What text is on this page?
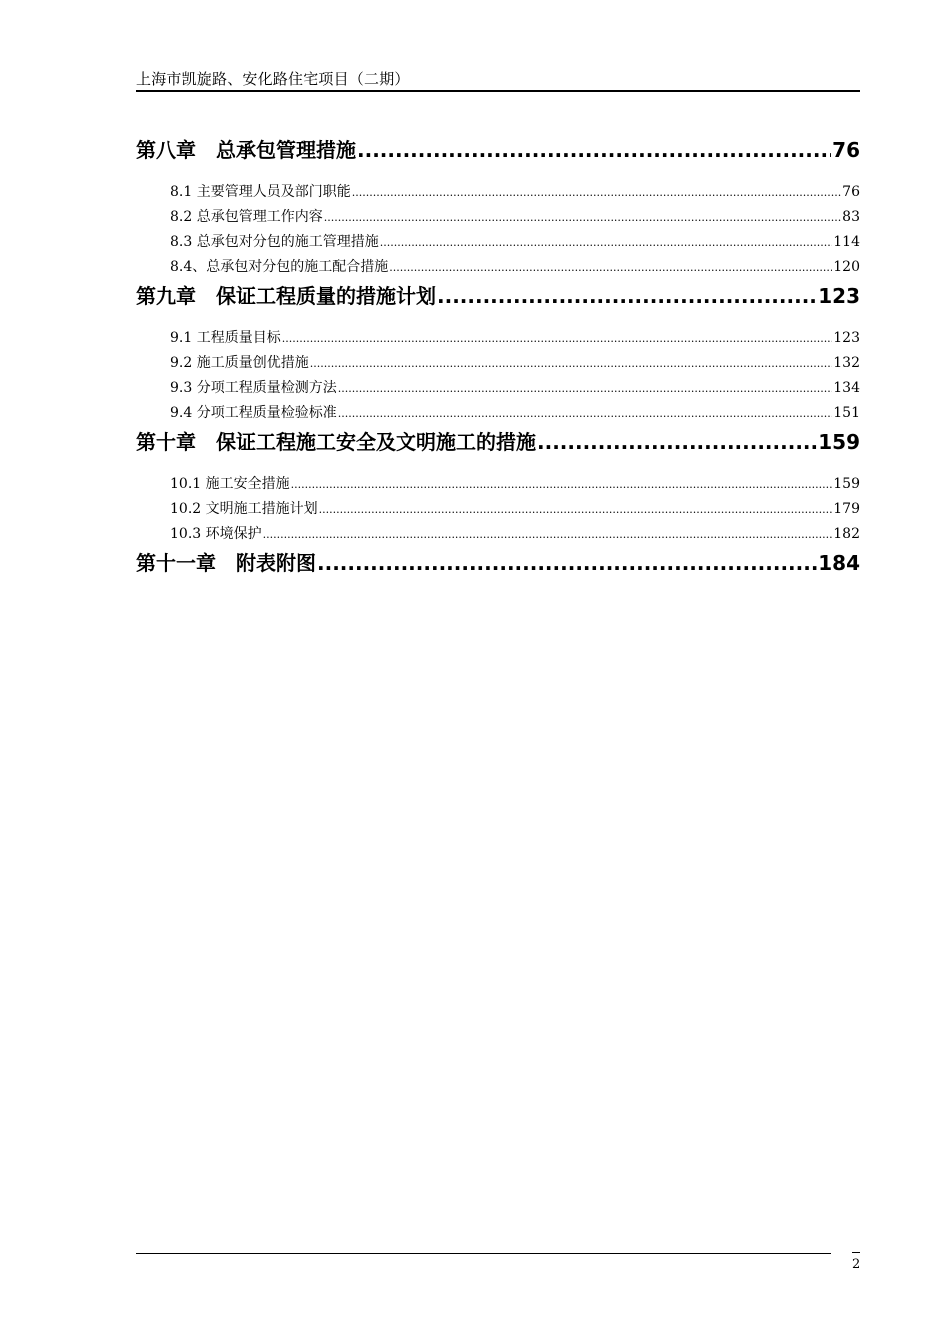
上海市凯旋路、安化路住宅项目（二期）
第八章　总承包管理措施 .....	76
8.1 主要管理人员及部门职能 .....	76
8.2 总承包管理工作内容 .....	83
8.3 总承包对分包的施工管理措施 .....	114
8.4、总承包对分包的施工配合措施 .....	120
第九章　保证工程质量的措施计划 .....	123
9.1 工程质量目标 .....	123
9.2 施工质量创优措施 .....	132
9.3 分项工程质量检测方法 .....	134
9.4 分项工程质量检验标准 .....	151
第十章　保证工程施工安全及文明施工的措施 .....	159
10.1 施工安全措施 .....	159
10.2 文明施工措施计划 .....	179
10.3 环境保护 .....	182
第十一章　附表附图 .....	184
2
